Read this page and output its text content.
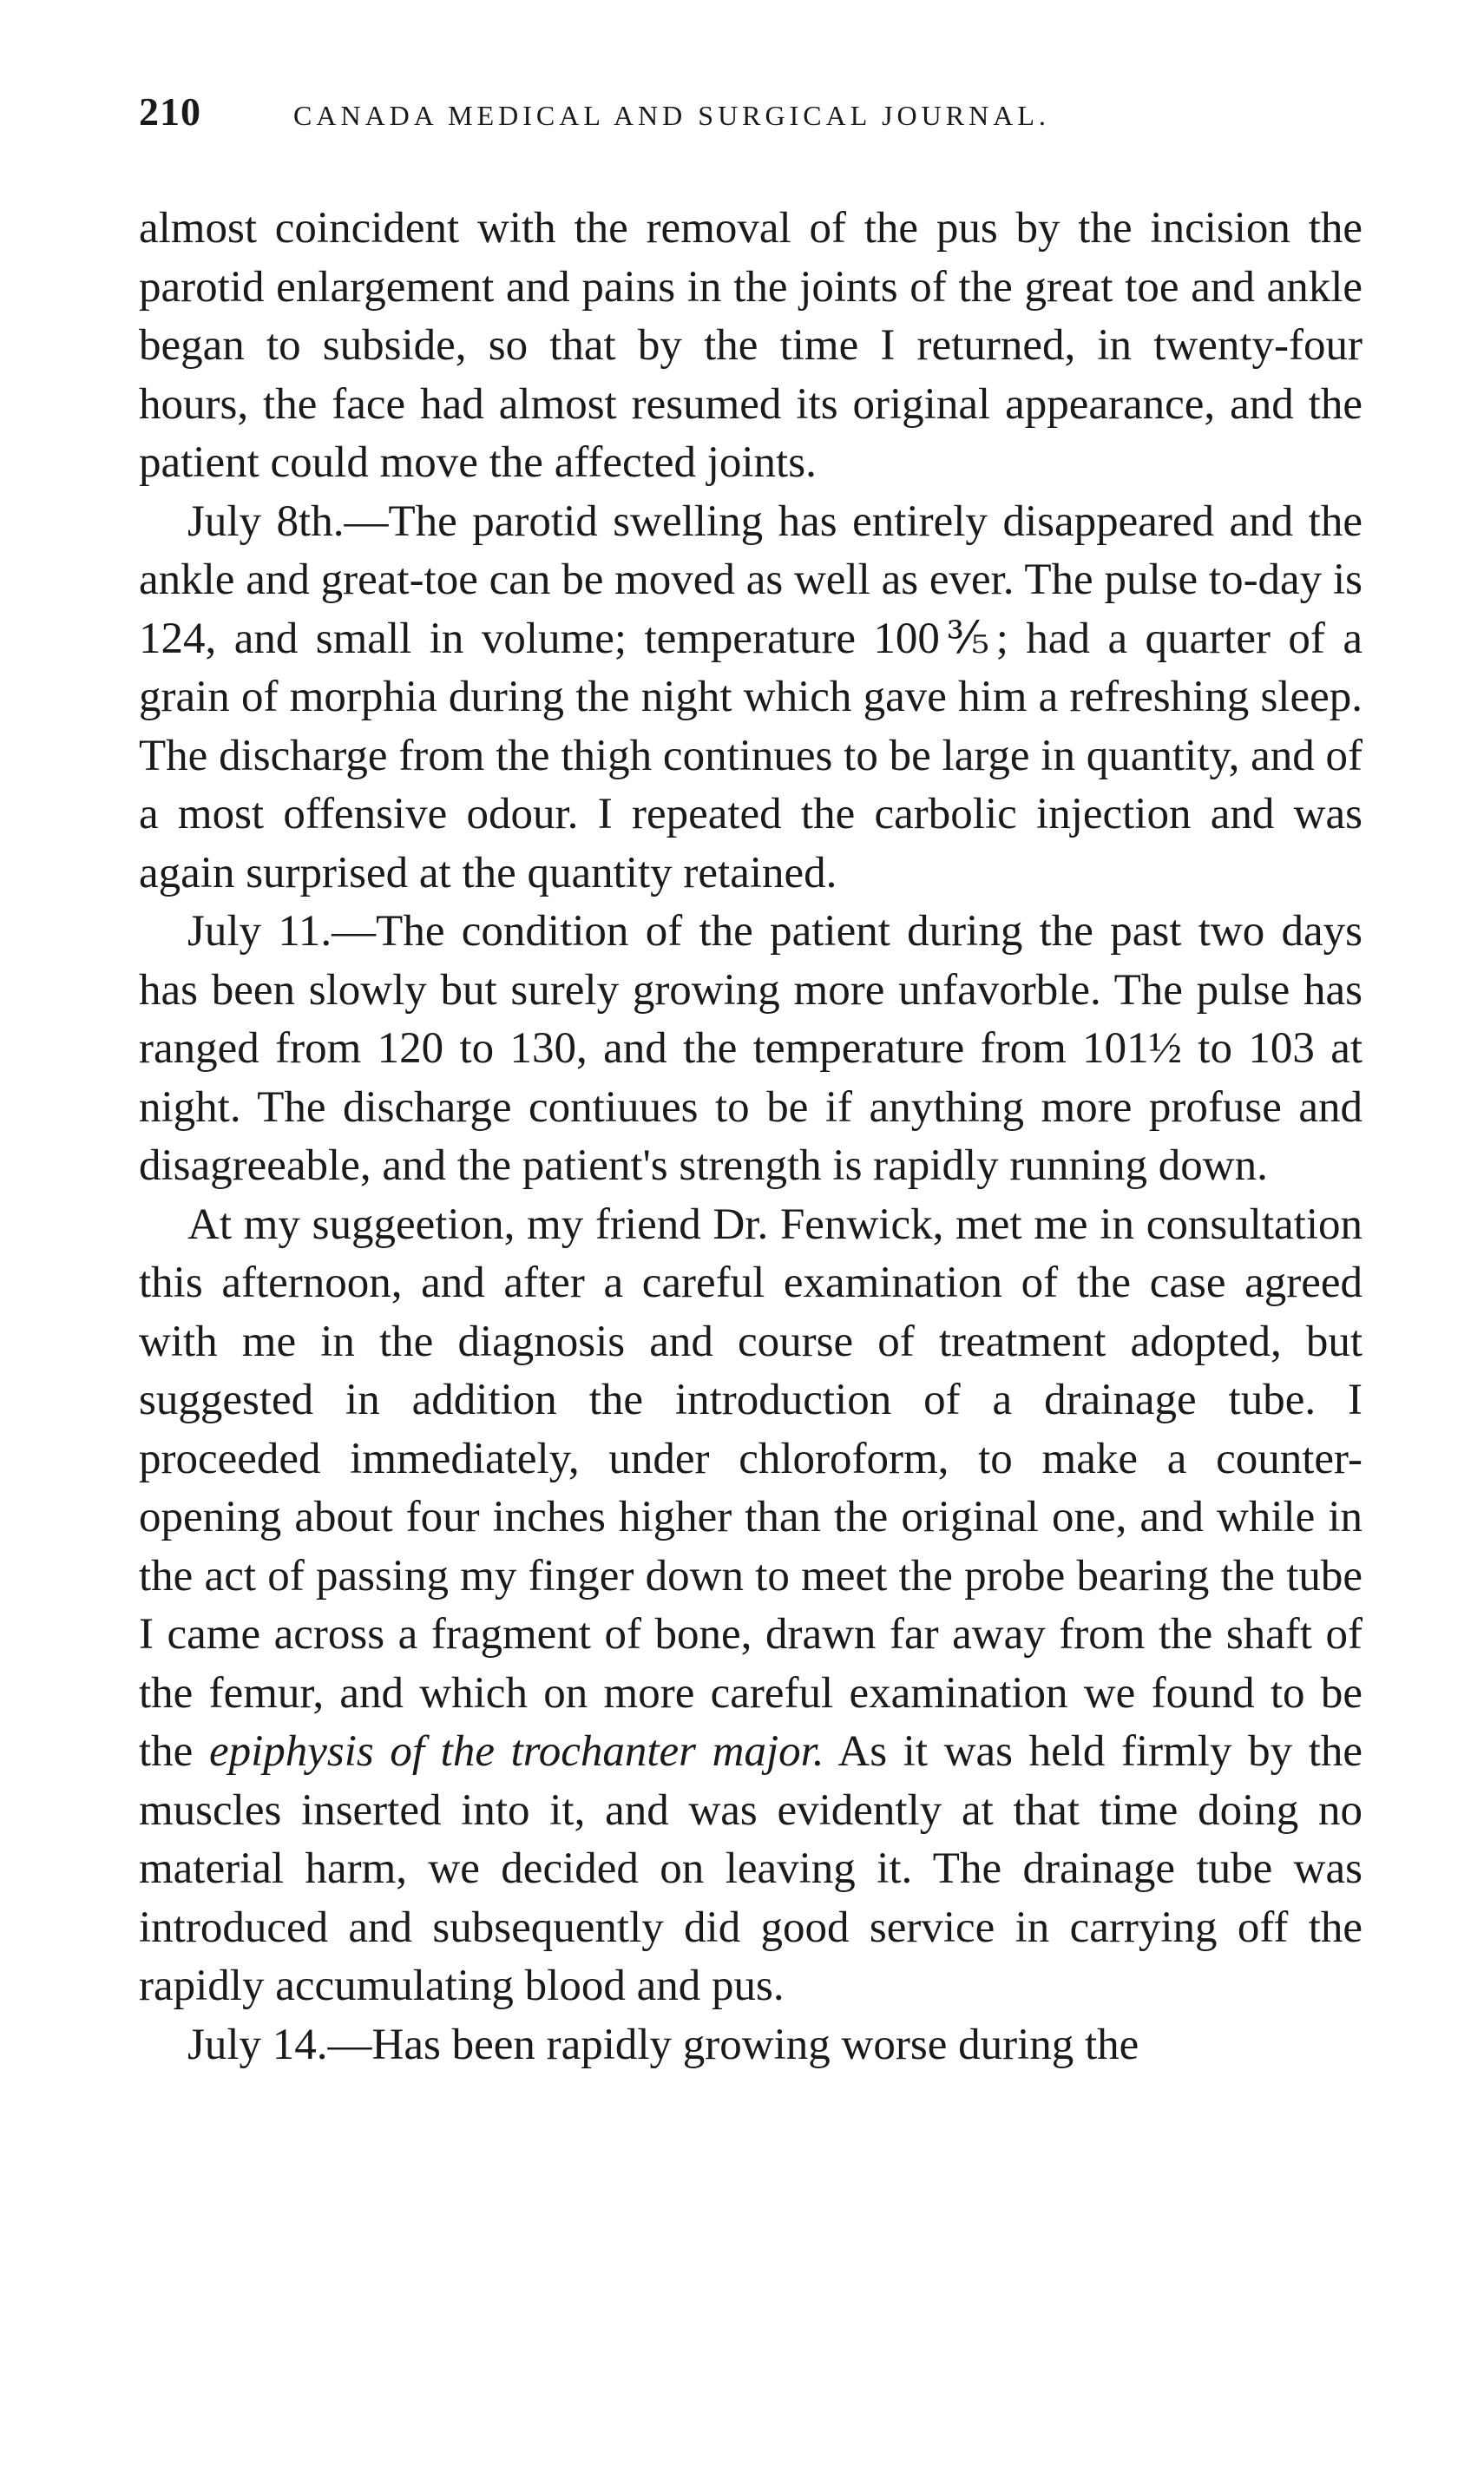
210	CANADA MEDICAL AND SURGICAL JOURNAL.

almost coincident with the removal of the pus by the incision the parotid enlargement and pains in the joints of the great toe and ankle began to subside, so that by the time I returned, in twenty-four hours, the face had almost resumed its original appearance, and the patient could move the affected joints.

July 8th.—The parotid swelling has entirely disappeared and the ankle and great-toe can be moved as well as ever. The pulse to-day is 124, and small in volume; temperature 100⅗; had a quarter of a grain of morphia during the night which gave him a refreshing sleep. The discharge from the thigh continues to be large in quantity, and of a most offensive odour. I repeated the carbolic injection and was again surprised at the quantity retained.

July 11.—The condition of the patient during the past two days has been slowly but surely growing more unfavorble. The pulse has ranged from 120 to 130, and the temperature from 101½ to 103 at night. The discharge contiuues to be if anything more profuse and disagreeable, and the patient's strength is rapidly running down.

At my suggeetion, my friend Dr. Fenwick, met me in consultation this afternoon, and after a careful examination of the case agreed with me in the diagnosis and course of treatment adopted, but suggested in addition the introduction of a drainage tube. I proceeded immediately, under chloroform, to make a counter-opening about four inches higher than the original one, and while in the act of passing my finger down to meet the probe bearing the tube I came across a fragment of bone, drawn far away from the shaft of the femur, and which on more careful examination we found to be the epiphysis of the trochanter major. As it was held firmly by the muscles inserted into it, and was evidently at that time doing no material harm, we decided on leaving it. The drainage tube was introduced and subsequently did good service in carrying off the rapidly accumulating blood and pus.

July 14.—Has been rapidly growing worse during the
